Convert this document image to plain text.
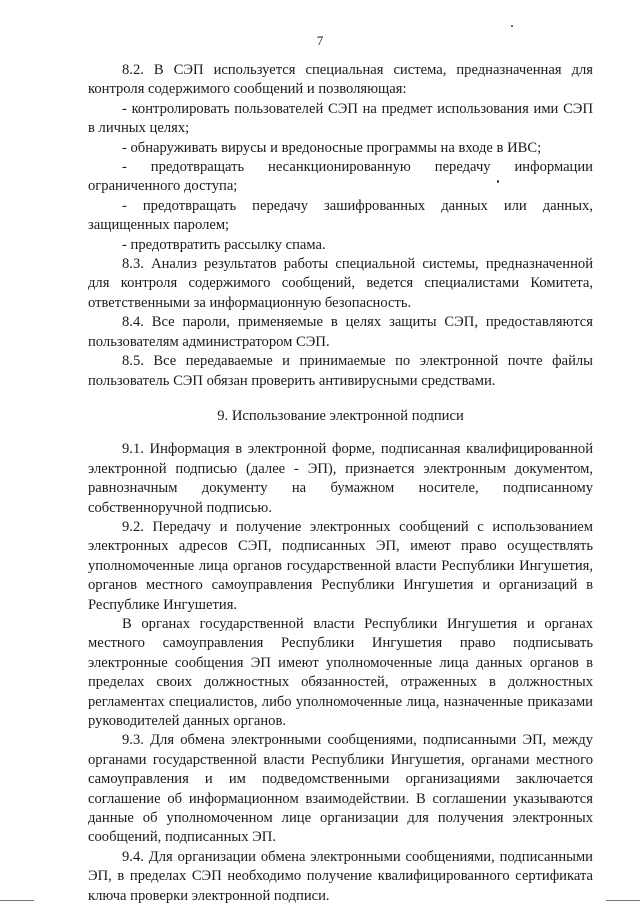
7

8.2. В СЭП используется специальная система, предназначенная для контроля содержимого сообщений и позволяющая:

- контролировать пользователей СЭП на предмет использования ими СЭП в личных целях;

- обнаруживать вирусы и вредоносные программы на входе в ИВС;

- предотвращать несанкционированную передачу информации ограниченного доступа;

- предотвращать передачу зашифрованных данных или данных, защищенных паролем;

- предотвратить рассылку спама.

8.3. Анализ результатов работы специальной системы, предназначенной для контроля содержимого сообщений, ведется специалистами Комитета, ответственными за информационную безопасность.

8.4. Все пароли, применяемые в целях защиты СЭП, предоставляются пользователям администратором СЭП.

8.5. Все передаваемые и принимаемые по электронной почте файлы пользователь СЭП обязан проверить антивирусными средствами.

9. Использование электронной подписи

9.1. Информация в электронной форме, подписанная квалифицированной электронной подписью (далее - ЭП), признается электронным документом, равнозначным документу на бумажном носителе, подписанному собственноручной подписью.

9.2. Передачу и получение электронных сообщений с использованием электронных адресов СЭП, подписанных ЭП, имеют право осуществлять уполномоченные лица органов государственной власти Республики Ингушетия, органов местного самоуправления Республики Ингушетия и организаций в Республике Ингушетия.

В органах государственной власти Республики Ингушетия и органах местного самоуправления Республики Ингушетия право подписывать электронные сообщения ЭП имеют уполномоченные лица данных органов в пределах своих должностных обязанностей, отраженных в должностных регламентах специалистов, либо уполномоченные лица, назначенные приказами руководителей данных органов.

9.3. Для обмена электронными сообщениями, подписанными ЭП, между органами государственной власти Республики Ингушетия, органами местного самоуправления и им подведомственными организациями заключается соглашение об информационном взаимодействии. В соглашении указываются данные об уполномоченном лице организации для получения электронных сообщений, подписанных ЭП.

9.4. Для организации обмена электронными сообщениями, подписанными ЭП, в пределах СЭП необходимо получение квалифицированного сертификата ключа проверки электронной подписи.
